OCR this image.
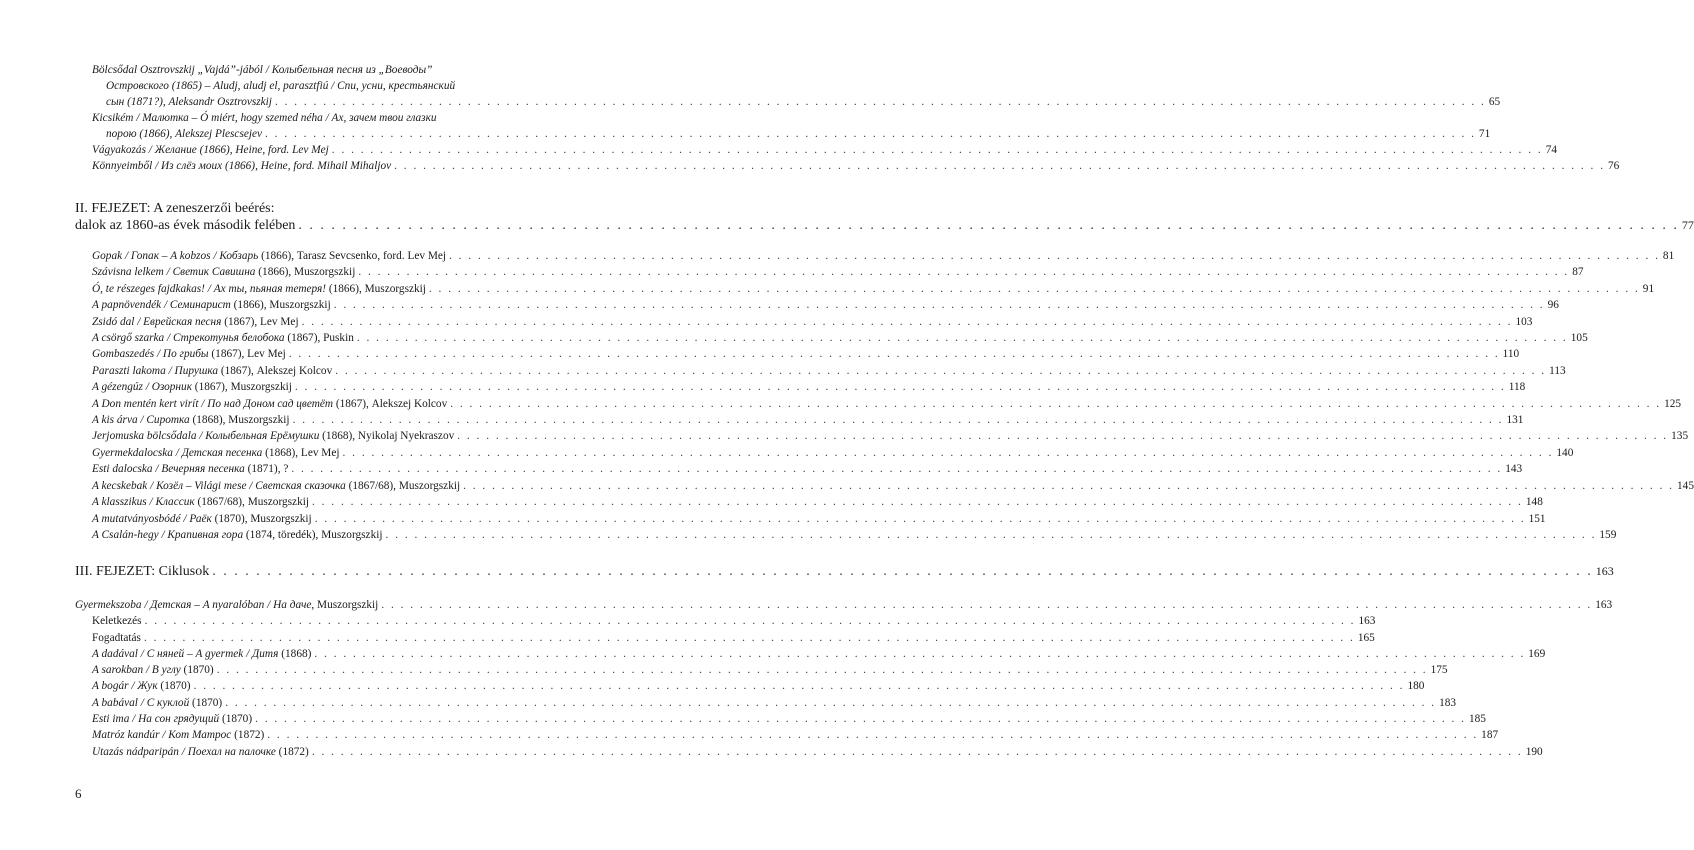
Bölcsődal Osztrovszkij „Vajdá”-jából / Колыбельная песня из „Воеводы”
Островского (1865) – Aludj, aludj el, parasztfiú / Спи, усни, крестьянский
сын (1871?), Aleksandr Osztrovszkij . . .	65
Kicsikém / Малютка – Ó miért, hogy szemed néha / Ах, зачем твои глазки
порою (1866), Alekszej Plescsejev . . .	71
Vágyakozás / Желание (1866), Heine, ford. Lev Mej . . .	74
Könnyeimből / Из слёз моих (1866), Heine, ford. Mihail Mihaljov . . .	76
II. FEJEZET: A zeneszerzői beérés:
dalok az 1860-as évek második felében . . .	77
Gopak / Гопак – A kobzos / Кобзарь (1866), Tarasz Sevcsenko, ford. Lev Mej . . .	81
Szávisna lelkem / Светик Савишна (1866), Muszorgszkij . . .	87
Ó, te részeges fajdkakas! / Ах ты, пьяная тетеря! (1866), Muszorgszkij . . .	91
A papnövendék / Семинарист (1866), Muszorgszkij . . .	96
Zsidó dal / Еврейская песня (1867), Lev Mej . . .	103
A csörgő szarka / Стрекотунья белобока (1867), Puskin . . .	105
Gombaszedés / По грибы (1867), Lev Mej . . .	110
Paraszti lakoma / Пирушка (1867), Alekszej Kolcov . . .	113
A gézengúz / Озорник (1867), Muszorgszkij . . .	118
A Don mentén kert virít / По над Доном сад цветёт (1867), Alekszej Kolcov . . .	125
A kis árva / Сиротка (1868), Muszorgszkij . . .	131
Jerjomuska bölcsődala / Колыбельная Ерёмушки (1868), Nyikolaj Nyekraszov . . .	135
Gyermekdalocska / Детская песенка (1868), Lev Mej . . .	140
Esti dalocska / Вечерняя песенка (1871), ? . . .	143
A kecskebak / Козёл – Világi mese / Светская сказочка (1867/68), Muszorgszkij . . .	145
A klasszikus / Классик (1867/68), Muszorgszkij . . .	148
A mutatványosbódé / Раёк (1870), Muszorgszkij . . .	151
A Csalán-hegy / Крапивная гора (1874, töredék), Muszorgszkij . . .	159
III. FEJEZET: Ciklusok . . .	163
Gyermekszoba / Детская – A nyaralóban / На даче, Muszorgszkij . . .	163
Keletkezés . . .	163
Fogadtatás . . .	165
A dadával / С няней – A gyermek / Дитя (1868) . . .	169
A sarokban / В углу (1870) . . .	175
A bogár / Жук (1870) . . .	180
A babával / С куклой (1870) . . .	183
Esti ima / На сон грядущий (1870) . . .	185
Matróz kandúr / Кот Матрос (1872) . . .	187
Utazás nádparipán / Поехал на палочке (1872) . . .	190
6
